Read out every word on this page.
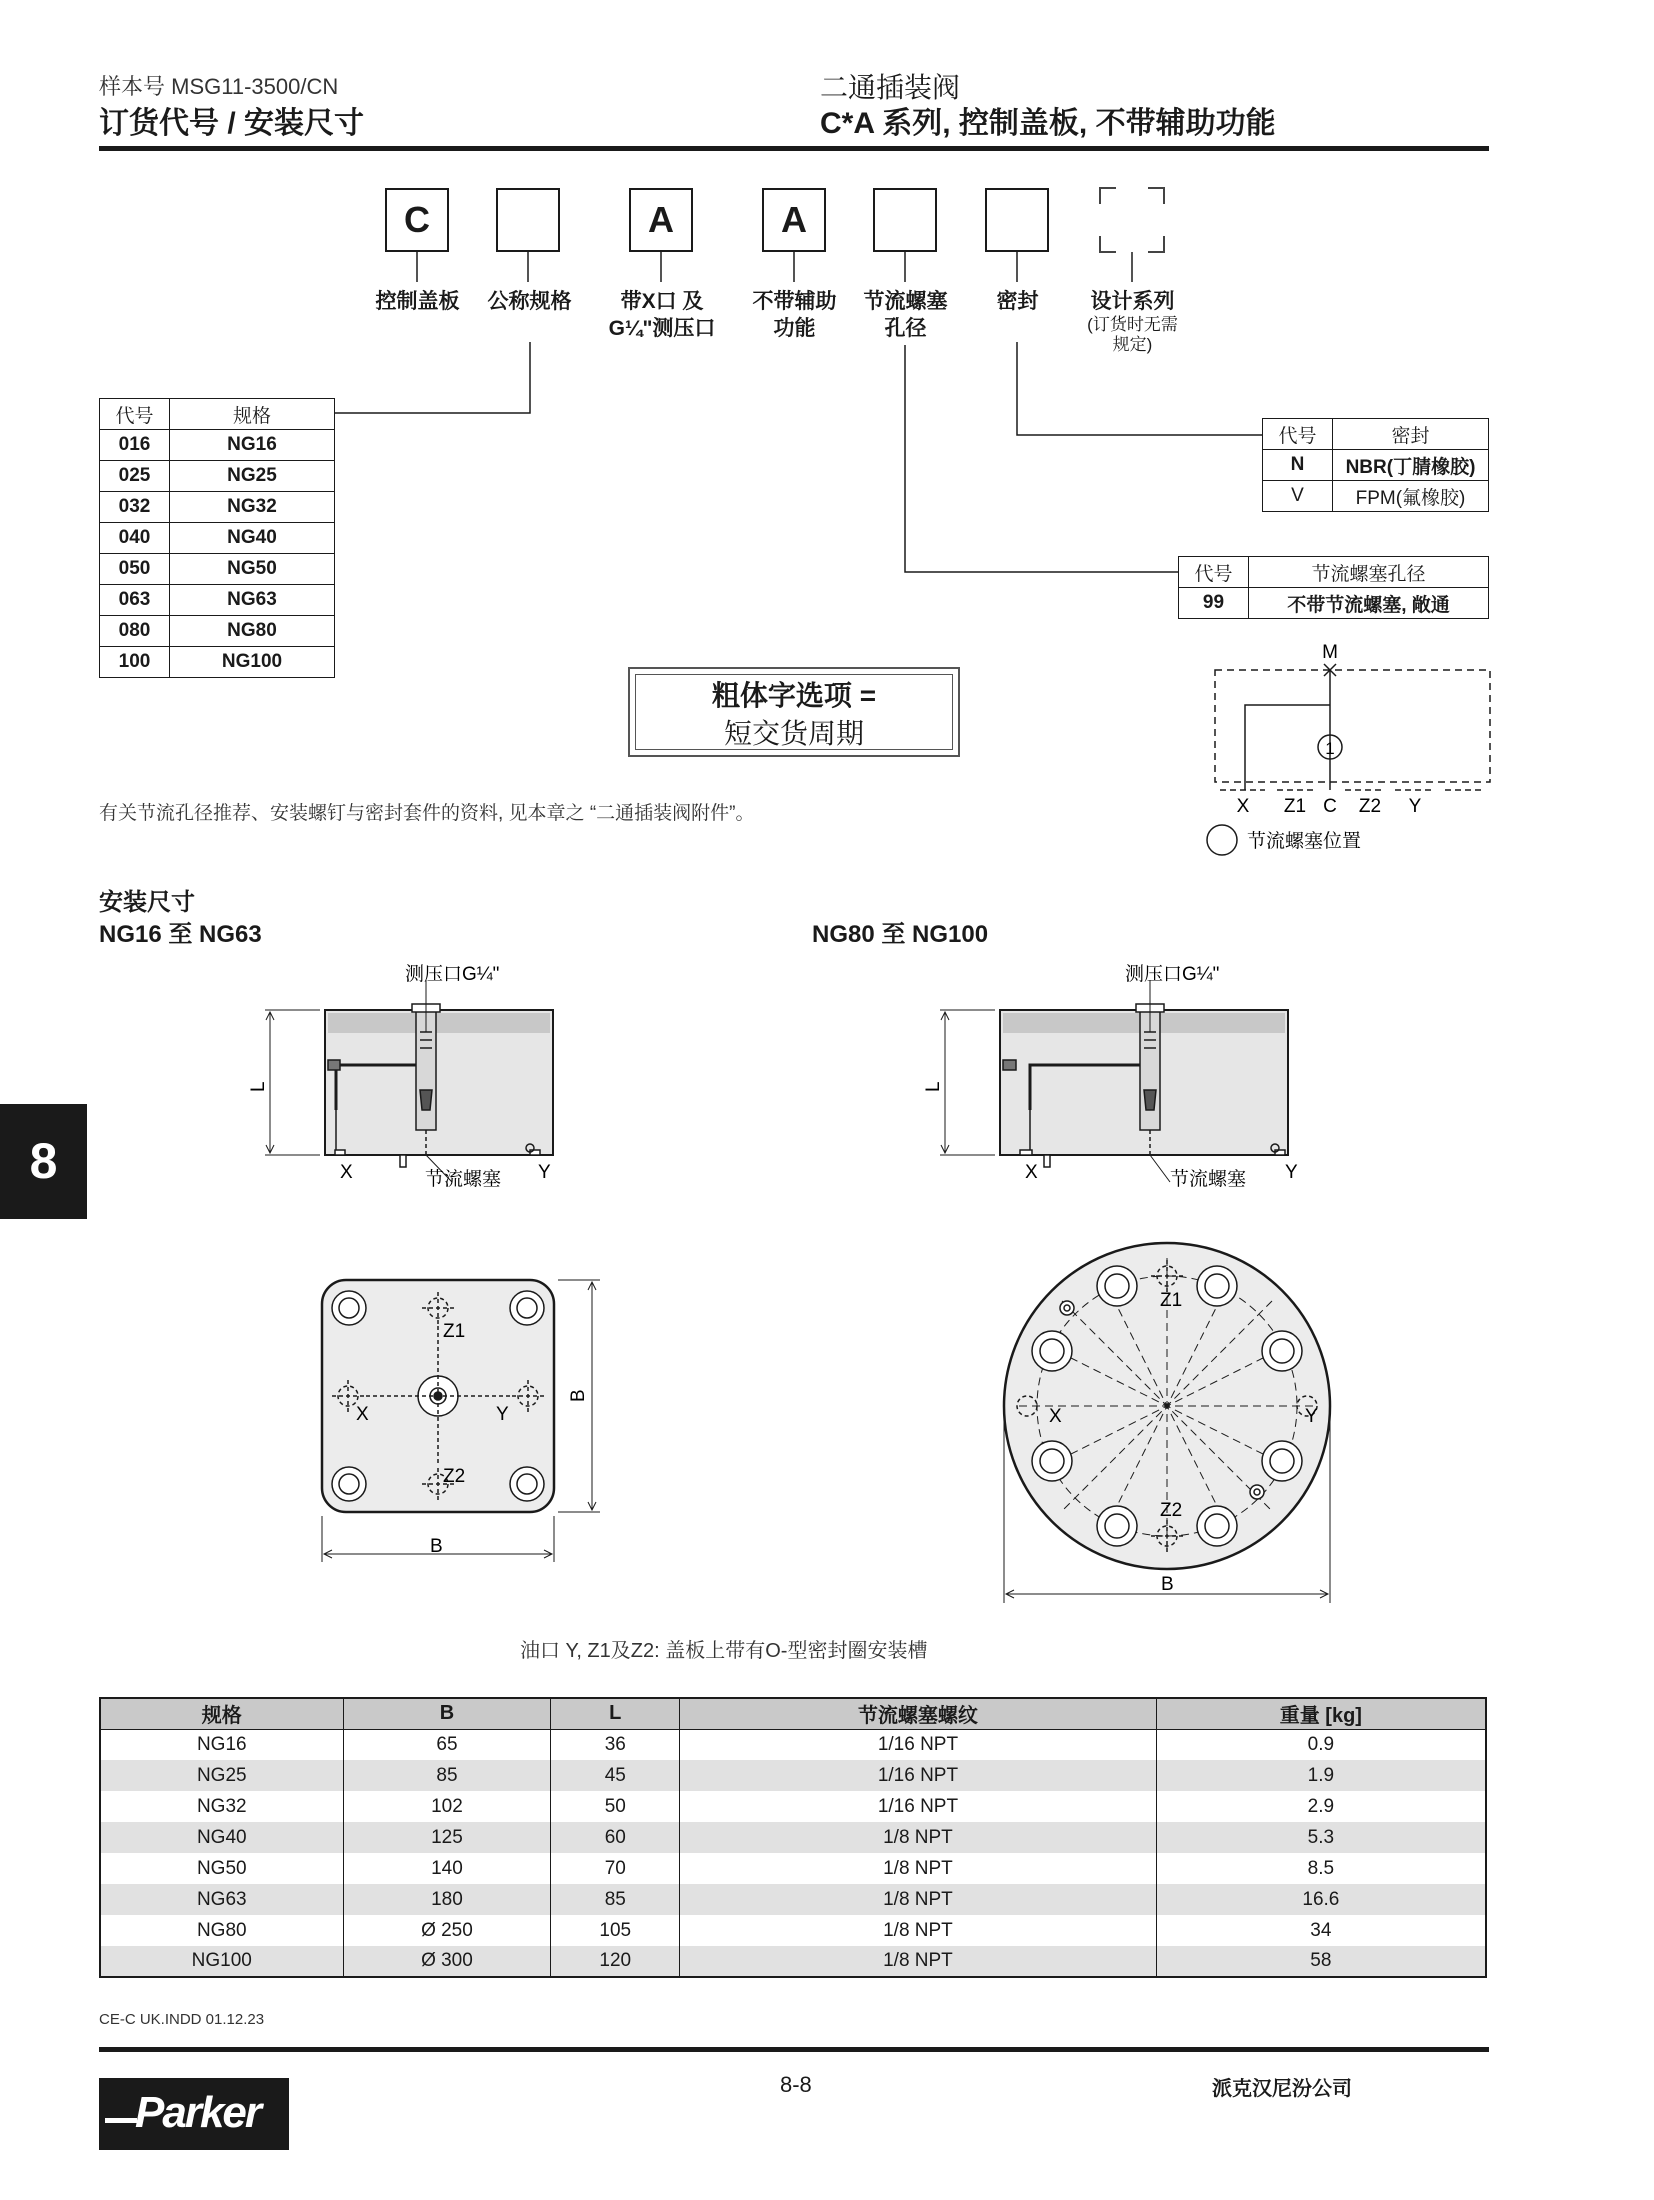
样本号 MSG11-3500/CN
订货代号 / 安装尺寸
二通插装阀
C*A 系列, 控制盖板, 不带辅助功能
C	A	A
控制盖板	公称规格	带X口 及
G¼"测压口
不带辅助
功能
节流螺塞
孔径
密封	设计系列
(订货时无需
规定)
代号	规格
016	NG16
025	NG25
032	NG32
040	NG40
050	NG50
063	NG63
080	NG80
100	NG100
代号	密封
N	NBR(丁腈橡胶)
V	FPM(氟橡胶)
代号	节流螺塞孔径
99	不带节流螺塞, 敞通
粗体字选项 =
短交货周期
M
1
X Z1 C Z2 Y
节流螺塞位置
有关节流孔径推荐、安装螺钉与密封套件的资料, 见本章之 “二通插装阀附件”。
安装尺寸
NG16 至 NG63	NG80 至 NG100
L
X	Y
节流螺塞
测压口G¼"
L
X	Y
节流螺塞
测压口G¼"
Z1
Z2
X	Y
B
B
Z1
Z2
X	Y
B
油口 Y, Z1及Z2: 盖板上带有O-型密封圈安装槽
规格	B	L	节流螺塞螺纹	重量 [kg]
NG16	65	36	1/16 NPT	0.9
NG25	85	45	1/16 NPT	1.9
NG32	102	50	1/16 NPT	2.9
NG40	125	60	1/8 NPT	5.3
NG50	140	70	1/8 NPT	8.5
NG63	180	85	1/8 NPT	16.6
NG80	Ø 250	105	1/8 NPT	34
NG100	Ø 300	120	1/8 NPT	58
8
CE-C UK.INDD 01.12.23
8-8	派克汉尼汾公司
Parker
